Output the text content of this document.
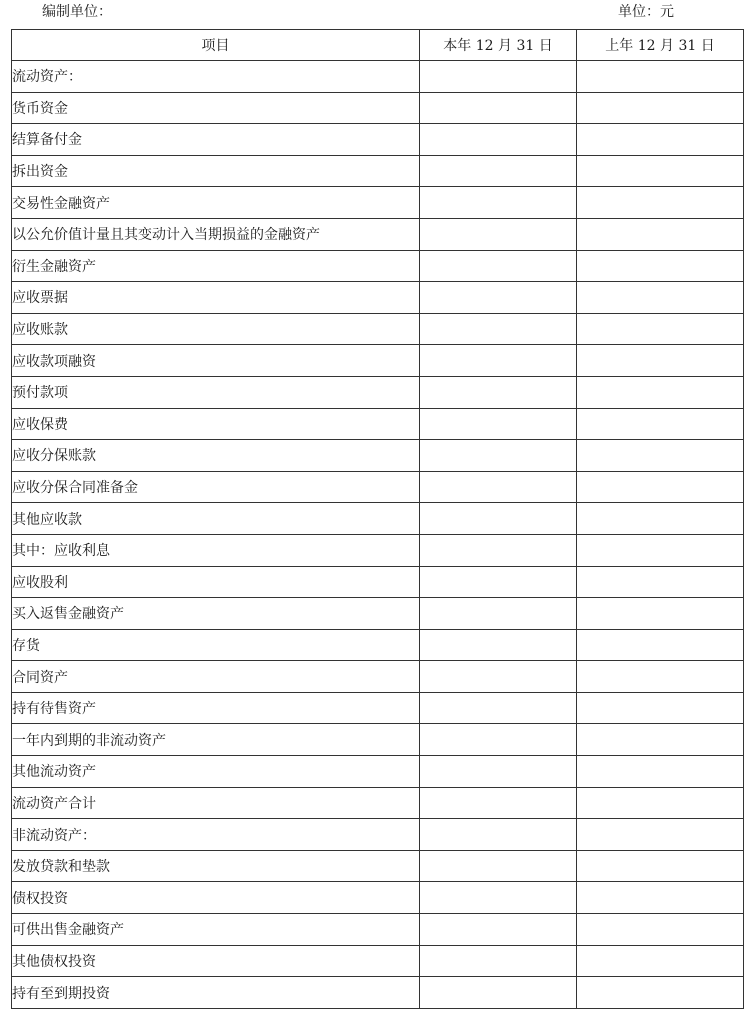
编制单位：	单位：元
项目	本年 12 月 31 日	上年 12 月 31 日
流动资产：		
货币资金		
结算备付金		
拆出资金		
交易性金融资产		
以公允价值计量且其变动计入当期损益的金融资产		
衍生金融资产		
应收票据		
应收账款		
应收款项融资		
预付款项		
应收保费		
应收分保账款		
应收分保合同准备金		
其他应收款		
其中：应收利息		
应收股利		
买入返售金融资产		
存货		
合同资产		
持有待售资产		
一年内到期的非流动资产		
其他流动资产		
流动资产合计		
非流动资产：		
发放贷款和垫款		
债权投资		
可供出售金融资产		
其他债权投资		
持有至到期投资		
